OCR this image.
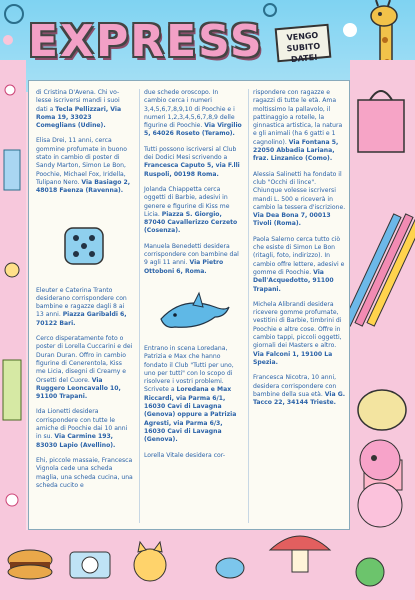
EXPRESS	VENGO SUBITO DATE!

di Cristina D'Avena. Chi vo-lesse iscriversi mandi i suoi dati a Tecla Pellizzari, Via Roma 19, 33023 Comeglians (Udine).

Elisa Drei, 11 anni, cerca gommine profumate in buono stato in cambio di poster di Sandy Marton, Simon Le Bon, Poochie, Michael Fox, Iridella, Tulipano Nero. Via Basiago 2, 48018 Faenza (Ravenna).

Eleuter e Caterina Tranto

desiderano corrispondere con bambine e ragazze dagli 8 ai 13 anni. Piazza Garibaldi 6, 70122 Bari.

Cerco disperatamente foto o poster di Lorella Cuccarini e dei Duran Duran. Offro in cambio figurine di Cenerentola, Kiss me Licia, disegni di Creamy e Orsetti del Cuore. Via Ruggero Leoncavallo 10, 91100 Trapani.

Ida Lionetti desidera corrispondere con tutte le amiche di Poochie dai 10 anni in su. Via Carmine 193, 83030 Lapio (Avellino).

Ehi, piccole massaie, Francesca Vignola cede una scheda maglia, una scheda cucina, una scheda cucito e

due schede oroscopo. In cambio cerca i numeri 3,4,5,6,7,8,9,10 di Poochie e i numeri 1,2,3,4,5,6,7,8,9 delle figurine di Poochie. Via Virgilio 5, 64026 Roseto (Teramo).

Tutti possono iscriversi al Club dei Dodici Mesi scrivendo a Francesca Caputo 5, via F.lli Ruspoli, 00198 Roma.

Jolanda Chiappetta cerca oggetti di Barbie, adesivi in genere e figurine di Kiss me Licia. Piazza S. Giorgio, 87040 Cavallerizzo Cerzeto (Cosenza).

Manuela Benedetti desidera corrispondere con bambine dal 9 agli 11 anni. Via Pietro Ottoboni 6, Roma.

Entrano in scena Loredana, Patrizia e Max che hanno fondato il Club "Tutti per uno, uno per tutti" con lo scopo di risolvere i vostri problemi. Scrivete a Loredana e Max Riccardi, via Parma 6/1, 16030 Cavi di Lavagna (Genova) oppure a Patrizia Agresti, via Parma 6/3, 16030 Cavi di Lavagna (Genova).

Lorella Vitale desidera cor-

rispondere con ragazze e ragazzi di tutte le età. Ama moltissimo la pallavolo, il pattinaggio a rotelle, la ginnastica artistica, la natura e gli animali (ha 6 gatti e 1 cagnolino). Via Fontana 5, 22050 Abbadia Lariana, fraz. Linzanico (Como).

Alessia Salinetti ha fondato il club "Occhi di lince". Chiunque volesse iscriversi mandi L. 500 e riceverà in cambio la tessera d'iscrizione. Via Dea Bona 7, 00013 Tivoli (Roma).

Paola Salerno cerca tutto ciò che esiste di Simon Le Bon (ritagli, foto, indirizzo). In cambio offre lettere, adesivi e gomme di Poochie. Via Dell'Acquedotto, 91100 Trapani.

Michela Alibrandi desidera ricevere gomme profumate, vestitini di Barbie, timbrini di Poochie e altre cose. Offre in cambio tappi, piccoli oggetti, giornali dei Masters e altro. Via Falconi 1, 19100 La Spezia.

Francesca Nicotra, 10 anni, desidera corrispondere con bambine della sua età. Via G. Tacco 22, 34144 Trieste.
